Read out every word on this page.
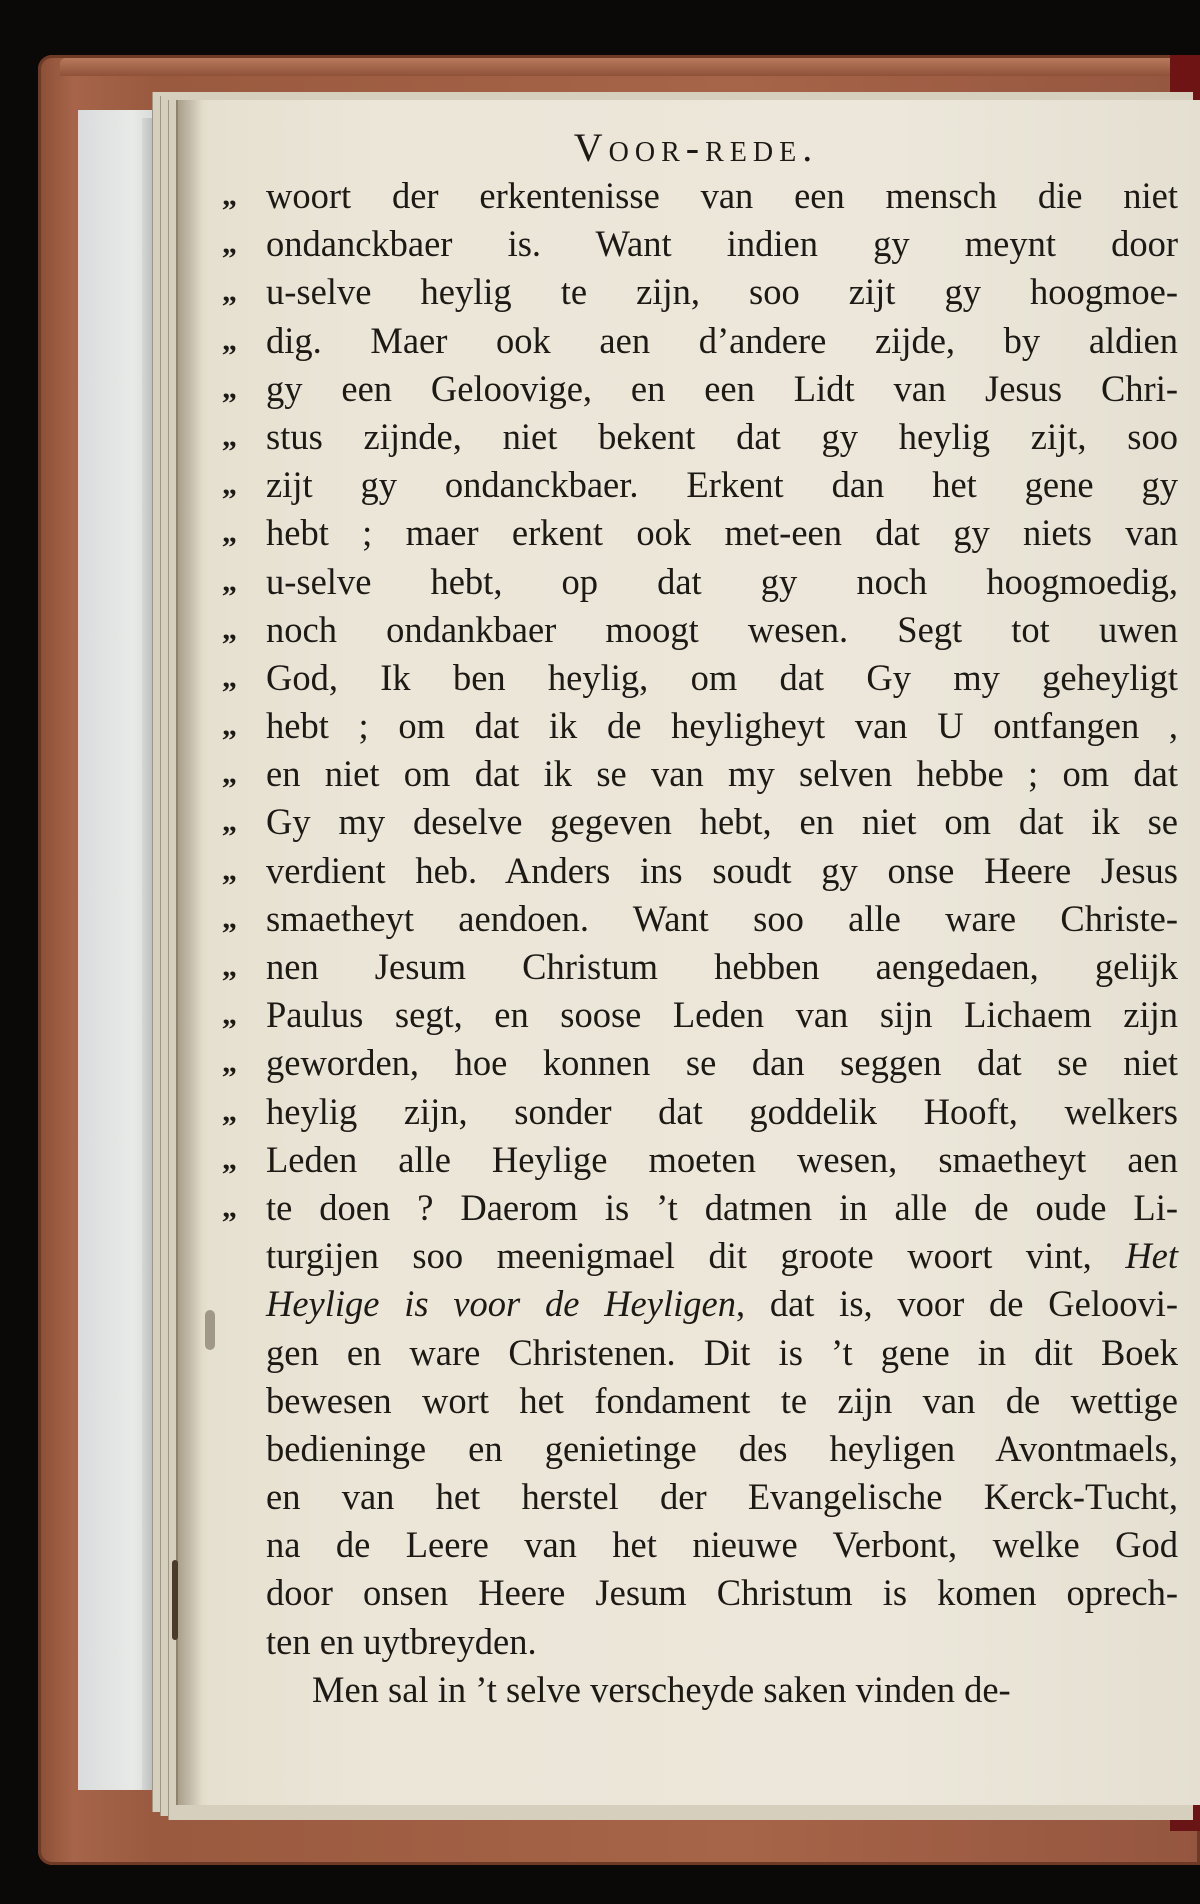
Voor-rede.
„ woort der erkentenisse van een mensch die niet
„ ondanckbaer is. Want indien gy meynt door
„ u-selve heylig te zijn, soo zijt gy hoogmoe-
„ dig. Maer ook aen d’andere zijde, by aldien
„ gy een Geloovige, en een Lidt van Jesus Chri-
„ stus zijnde, niet bekent dat gy heylig zijt, soo
„ zijt gy ondanckbaer. Erkent dan het gene gy
„ hebt ; maer erkent ook met-een dat gy niets van
„ u-selve hebt, op dat gy noch hoogmoedig,
„ noch ondankbaer moogt wesen. Segt tot uwen
„ God, Ik ben heylig, om dat Gy my geheyligt
„ hebt ; om dat ik de heyligheyt van U ontfangen ,
„ en niet om dat ik se van my selven hebbe ; om dat
„ Gy my deselve gegeven hebt, en niet om dat ik se
„ verdient heb. Anders ins soudt gy onse Heere Jesus
„ smaetheyt aendoen. Want soo alle ware Christe-
„ nen Jesum Christum hebben aengedaen, gelijk
„ Paulus segt, en soose Leden van sijn Lichaem zijn
„ geworden, hoe konnen se dan seggen dat se niet
„ heylig zijn, sonder dat goddelik Hooft, welkers
„ Leden alle Heylige moeten wesen, smaetheyt aen
„ te doen ? Daerom is ’t datmen in alle de oude Li-
turgijen soo meenigmael dit groote woort vint, Het
Heylige is voor de Heyligen, dat is, voor de Geloovi-
gen en ware Christenen. Dit is ’t gene in dit Boek
bewesen wort het fondament te zijn van de wettige
bedieninge en genietinge des heyligen Avontmaels,
en van het herstel der Evangelische Kerck-Tucht,
na de Leere van het nieuwe Verbont, welke God
door onsen Heere Jesum Christum is komen oprech-
ten en uytbreyden.
Men sal in ’t selve verscheyde saken vinden de-
